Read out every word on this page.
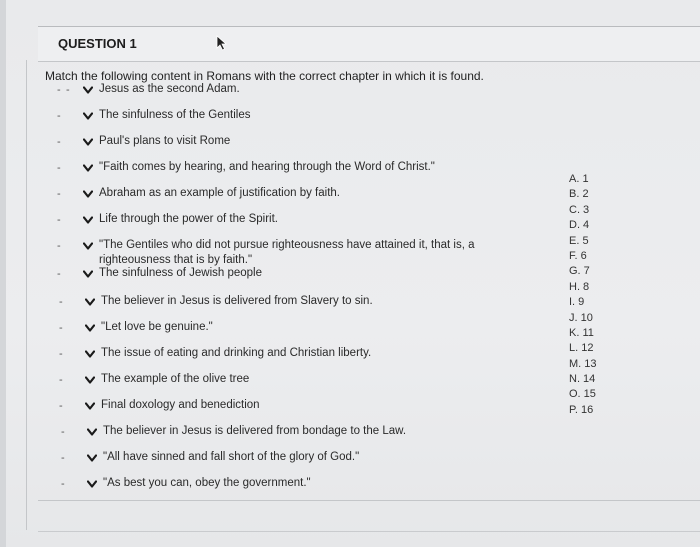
QUESTION 1
Match the following content in Romans with the correct chapter in which it is found.
- -	Jesus as the second Adam.
-	The sinfulness of the Gentiles
-	Paul's plans to visit Rome
-	"Faith comes by hearing, and hearing through the Word of Christ."
-	Abraham as an example of justification by faith.
-	Life through the power of the Spirit.
-	"The Gentiles who did not pursue righteousness have attained it, that is, a righteousness that is by faith."
-	The sinfulness of Jewish people
-	The believer in Jesus is delivered from Slavery to sin.
-	"Let love be genuine."
-	The issue of eating and drinking and Christian liberty.
-	The example of the olive tree
-	Final doxology and benediction
-	The believer in Jesus is delivered from bondage to the Law.
-	"All have sinned and fall short of the glory of God."
-	"As best you can, obey the government."
A. 1
B. 2
C. 3
D. 4
E. 5
F. 6
G. 7
H. 8
I. 9
J. 10
K. 11
L. 12
M. 13
N. 14
O. 15
P. 16
